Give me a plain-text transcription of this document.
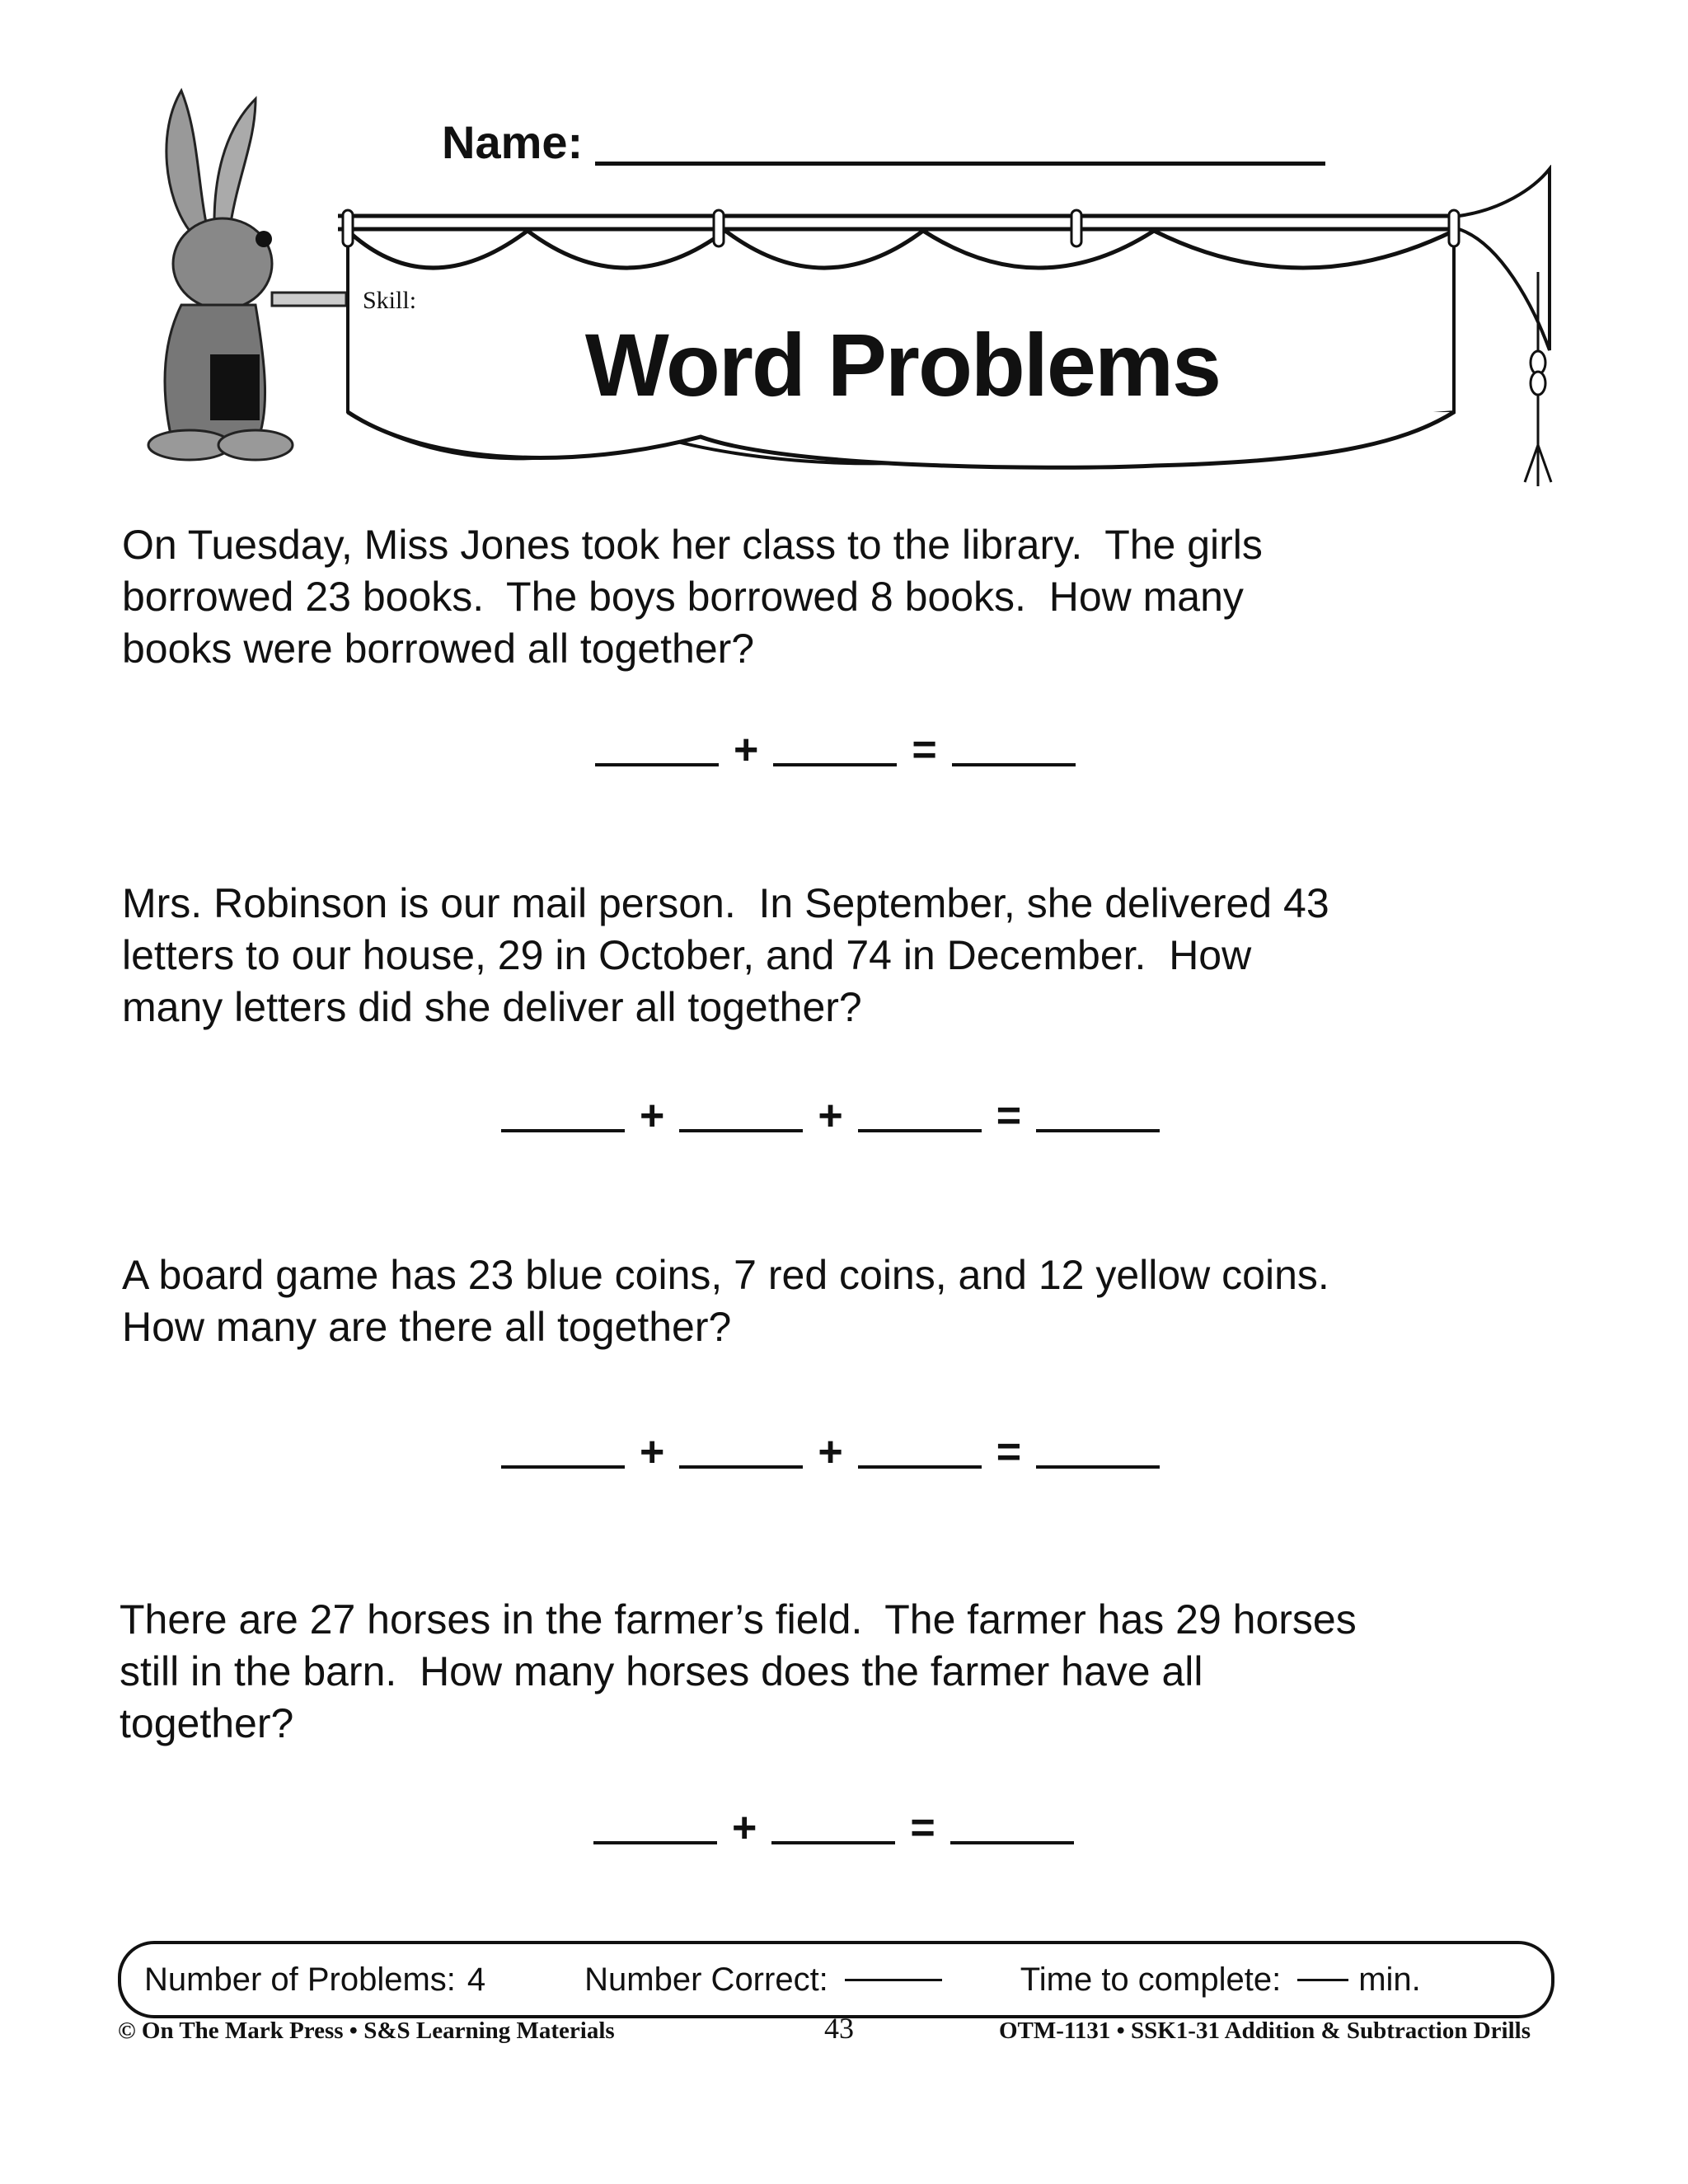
Name:
Skill:
Word Problems
On Tuesday, Miss Jones took her class to the library.  The girls
borrowed 23 books.  The boys borrowed 8 books.  How many
books were borrowed all together?
+	=
Mrs. Robinson is our mail person.  In September, she delivered 43
letters to our house, 29 in October, and 74 in December.  How
many letters did she deliver all together?
+	+	=
A board game has 23 blue coins, 7 red coins, and 12 yellow coins.
How many are there all together?
+	+	=
There are 27 horses in the farmer’s field.  The farmer has 29 horses
still in the barn.  How many horses does the farmer have all
together?
+	=
Number of Problems: 4	Number Correct:	Time to complete: min.
© On The Mark Press • S&S Learning Materials	43	OTM-1131 • SSK1-31 Addition & Subtraction Drills
